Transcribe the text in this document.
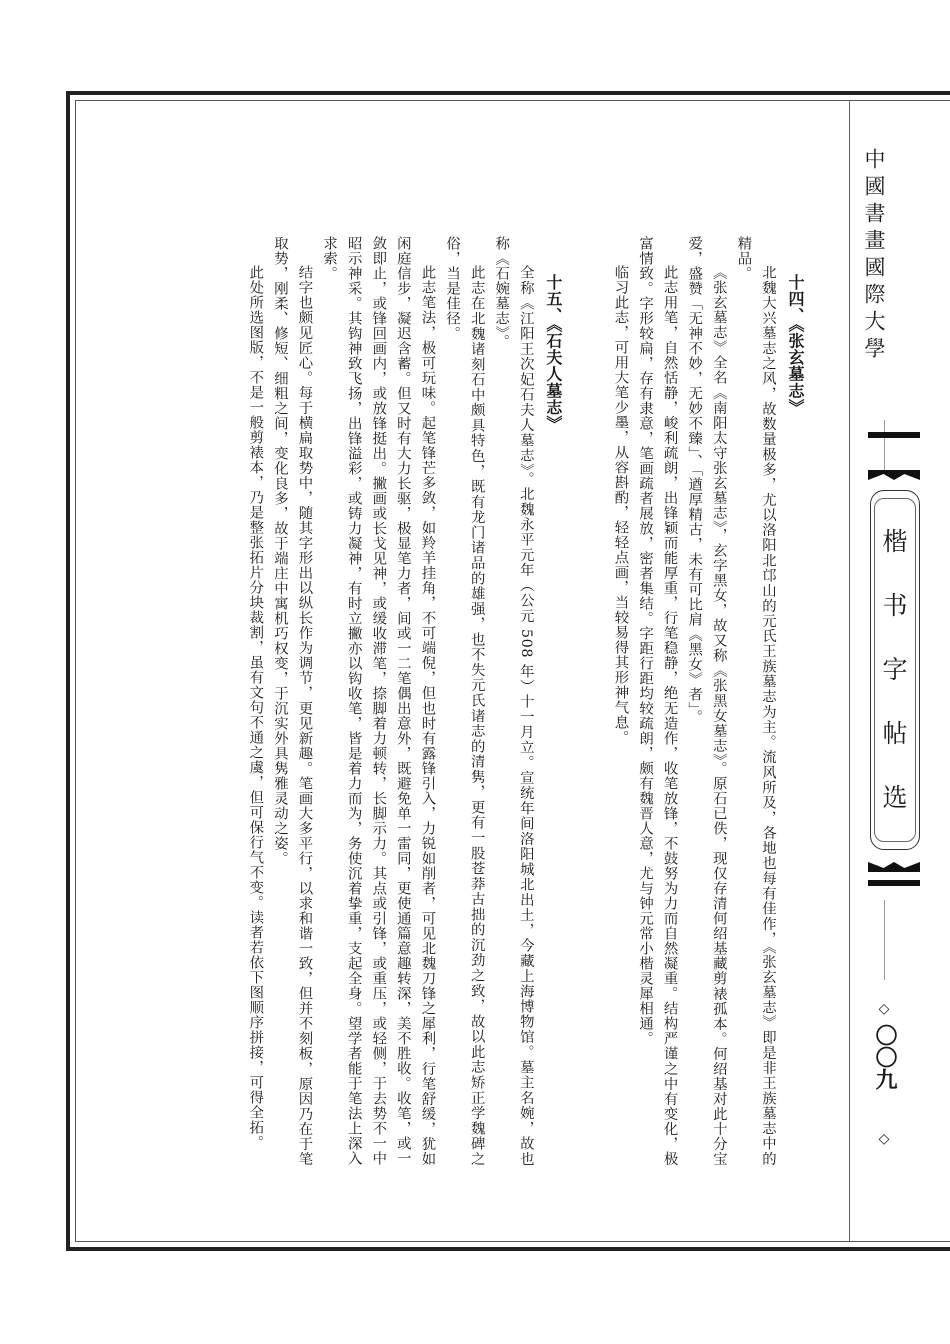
中國書畫國際大學
楷
书
字
帖
选
◇
〇〇九
◇
十四、《张玄墓志》

北魏大兴墓志之风，故数量极多，尤以洛阳北邙山的元氏王族墓志为主。流风所及，各地也每有佳作，《张玄墓志》即是非王族墓志中的精品。

《张玄墓志》全名《南阳太守张玄墓志》，玄字黑女，故又称《张黑女墓志》。原石已佚，现仅存清何绍基藏剪裱孤本。何绍基对此十分宝爱，盛赞「无神不妙，无妙不臻」、「遒厚精古，未有可比肩《黑女》者」。

此志用笔，自然恬静，峻利疏朗，出锋颖而能厚重，行笔稳静，绝无造作，收笔放锋，不鼓努为力而自然凝重。结构严谨之中有变化，极富情致。字形较扁，存有隶意，笔画疏者展放，密者集结。字距行距均较疏朗，颇有魏晋人意，尤与钟元常小楷灵犀相通。

临习此志，可用大笔少墨，从容斟酌，轻轻点画，当较易得其形神气息。

十五、《石夫人墓志》

全称《江阳王次妃石夫人墓志》。北魏永平元年（公元 508 年）十一月立。宣统年间洛阳城北出土，今藏上海博物馆。墓主名婉，故也称《石婉墓志》。

此志在北魏诸刻石中颇具特色，既有龙门诸品的雄强，也不失元氏诸志的清隽，更有一股苍莽古拙的沉劲之致，故以此志矫正学魏碑之俗，当是佳径。

此志笔法，极可玩味。起笔锋芒多敛，如羚羊挂角，不可端倪，但也时有露锋引入，力锐如削者，可见北魏刀锋之犀利，行笔舒缓，犹如闲庭信步，凝迟含蓄。但又时有大力长驱，极显笔力者，间或一二笔偶出意外，既避免单一雷同，更使通篇意趣转深，美不胜收。收笔，或一敛即止，或锋回画内，或放锋挺出。撇画或长戈见神，或缓收滞笔，捺脚着力顿转，长脚示力。其点或引锋，或重压，或轻侧，于去势不一中昭示神采。其钩神致飞扬，出锋溢彩，或铸力凝神，有时立撇亦以钩收笔，皆是着力而为，务使沉着挚重，支起全身。望学者能于笔法上深入求索。

结字也颇见匠心。每于横扁取势中，随其字形出以纵长作为调节，更见新趣。笔画大多平行，以求和谐一致，但并不刻板，原因乃在于笔取势，刚柔、修短、细粗之间，变化良多，故于端庄中寓机巧权变，于沉实外具隽雅灵动之姿。

此处所选图版，不是一般剪裱本，乃是整张拓片分块裁割，虽有文句不通之虞，但可保行气不变。读者若依下图顺序拼接，可得全拓。
